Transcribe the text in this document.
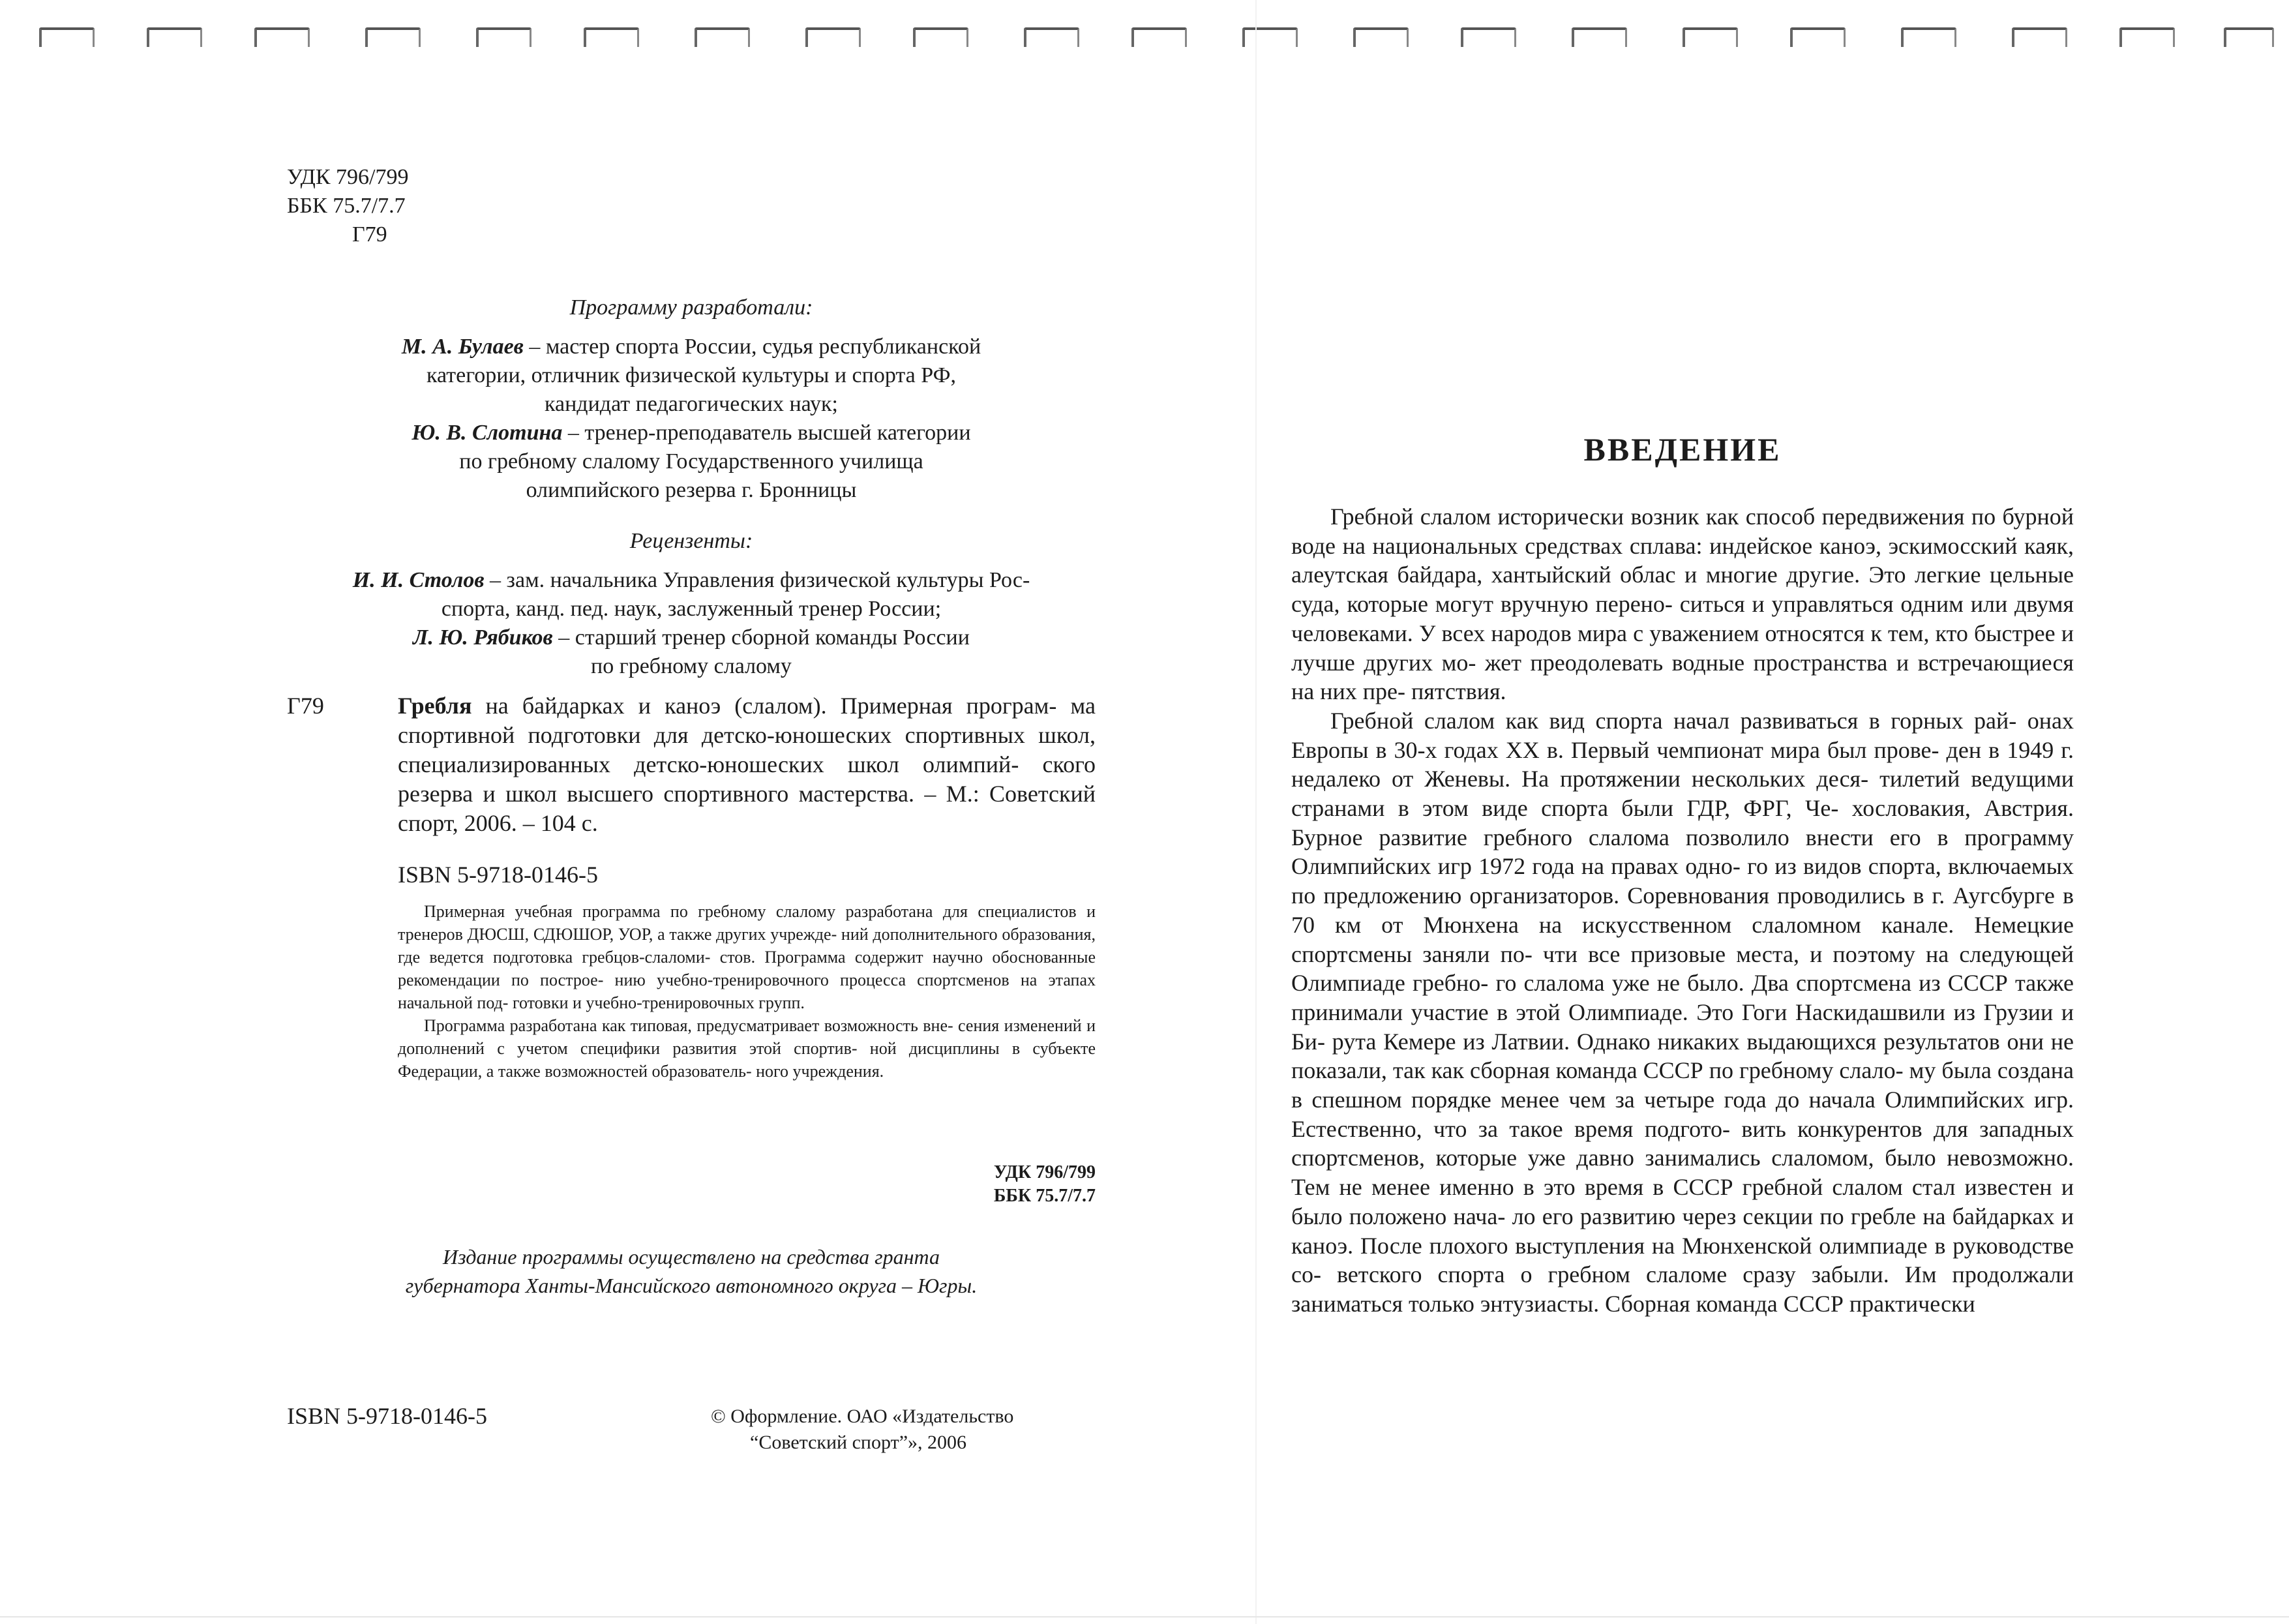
УДК 796/799
ББК 75.7/7.7
Г79
Программу разработали:
М. А. Булаев – мастер спорта России, судья республиканской
категории, отличник физической культуры и спорта РФ,
кандидат педагогических наук;
Ю. В. Слотина – тренер-преподаватель высшей категории
по гребному слалому Государственного училища
олимпийского резерва г. Бронницы
Рецензенты:
И. И. Столов – зам. начальника Управления физической культуры Рос-
спорта, канд. пед. наук, заслуженный тренер России;
Л. Ю. Рябиков – старший тренер сборной команды России
по гребному слалому
Г79	Гребля на байдарках и каноэ (слалом). Примерная програм- ма спортивной подготовки для детско-юношеских спортивных школ, специализированных детско-юношеских школ олимпий- ского резерва и школ высшего спортивного мастерства. – М.: Советский спорт, 2006. – 104 с.
ISBN 5-9718-0146-5

Примерная учебная программа по гребному слалому разработана для специалистов и тренеров ДЮСШ, СДЮШОР, УОР, а также других учрежде- ний дополнительного образования, где ведется подготовка гребцов-слаломи- стов. Программа содержит научно обоснованные рекомендации по построе- нию учебно-тренировочного процесса спортсменов на этапах начальной под- готовки и учебно-тренировочных групп.

Программа разработана как типовая, предусматривает возможность вне- сения изменений и дополнений с учетом специфики развития этой спортив- ной дисциплины в субъекте Федерации, а также возможностей образователь- ного учреждения.

УДК 796/799
ББК 75.7/7.7
Издание программы осуществлено на средства гранта
губернатора Ханты-Мансийского автономного округа – Югры.
ISBN 5-9718-0146-5	© Оформление. ОАО «Издательство
“Советский спорт”», 2006
ВВЕДЕНИЕ

Гребной слалом исторически возник как способ передвижения по бурной воде на национальных средствах сплава: индейское каноэ, эскимосский каяк, алеутская байдара, хантыйский облас и многие другие. Это легкие цельные суда, которые могут вручную перено- ситься и управляться одним или двумя человеками. У всех народов мира с уважением относятся к тем, кто быстрее и лучше других мо- жет преодолевать водные пространства и встречающиеся на них пре- пятствия.

Гребной слалом как вид спорта начал развиваться в горных рай- онах Европы в 30-х годах XX в. Первый чемпионат мира был прове- ден в 1949 г. недалеко от Женевы. На протяжении нескольких деся- тилетий ведущими странами в этом виде спорта были ГДР, ФРГ, Че- хословакия, Австрия. Бурное развитие гребного слалома позволило внести его в программу Олимпийских игр 1972 года на правах одно- го из видов спорта, включаемых по предложению организаторов. Соревнования проводились в г. Аугсбурге в 70 км от Мюнхена на искусственном слаломном канале. Немецкие спортсмены заняли по- чти все призовые места, и поэтому на следующей Олимпиаде гребно- го слалома уже не было. Два спортсмена из СССР также принимали участие в этой Олимпиаде. Это Гоги Наскидашвили из Грузии и Би- рута Кемере из Латвии. Однако никаких выдающихся результатов они не показали, так как сборная команда СССР по гребному слало- му была создана в спешном порядке менее чем за четыре года до начала Олимпийских игр. Естественно, что за такое время подгото- вить конкурентов для западных спортсменов, которые уже давно занимались слаломом, было невозможно. Тем не менее именно в это время в СССР гребной слалом стал известен и было положено нача- ло его развитию через секции по гребле на байдарках и каноэ. После плохого выступления на Мюнхенской олимпиаде в руководстве со- ветского спорта о гребном слаломе сразу забыли. Им продолжали заниматься только энтузиасты. Сборная команда СССР практически
